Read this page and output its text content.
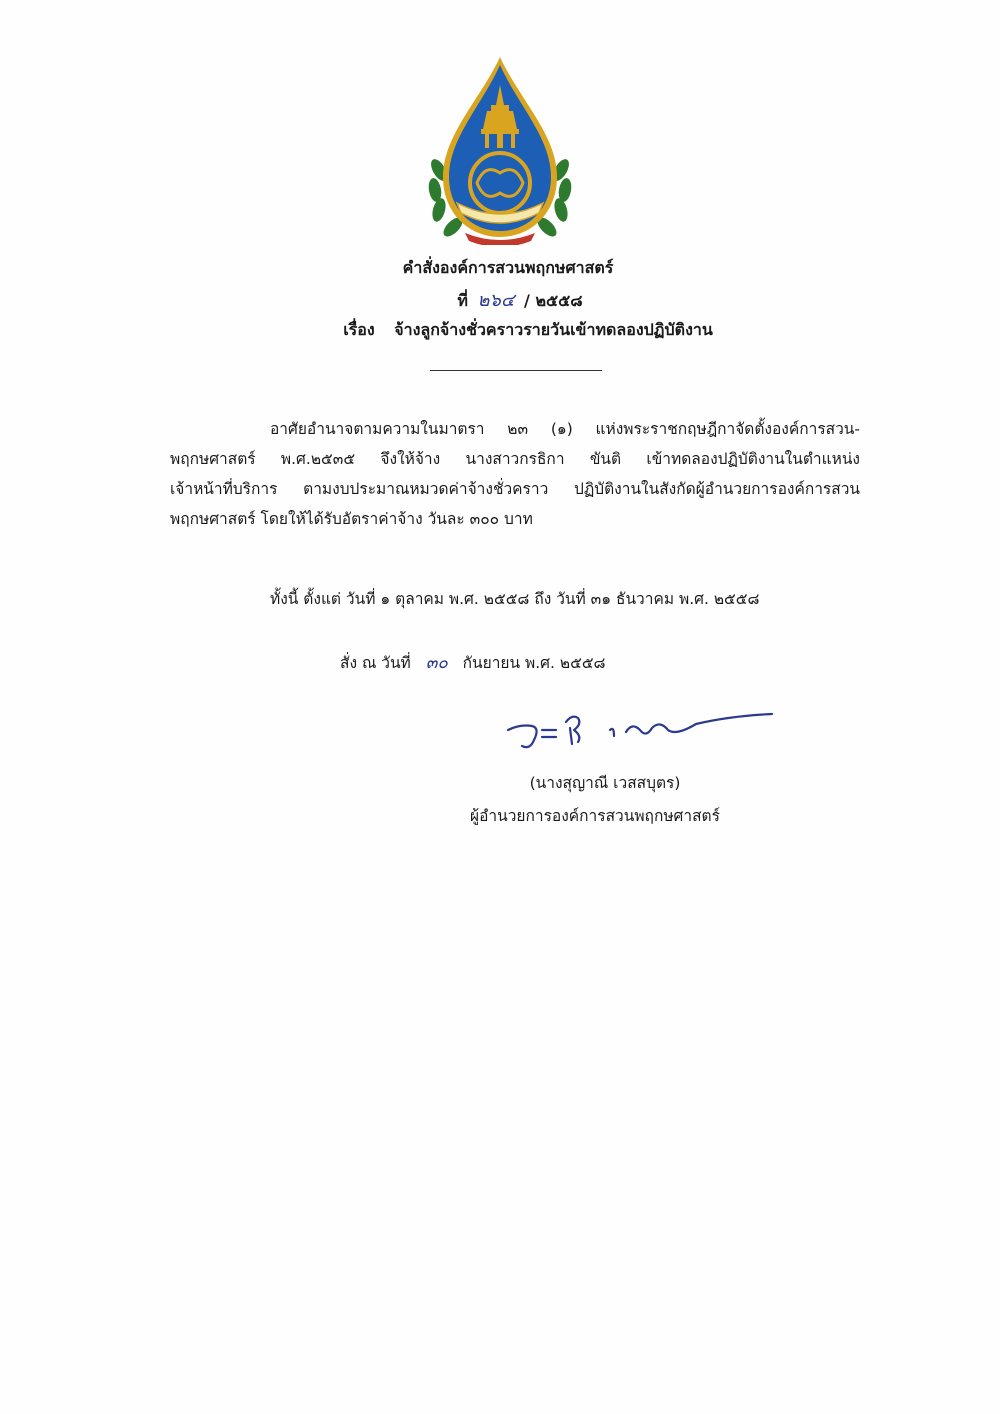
คำสั่งองค์การสวนพฤกษศาสตร์
ที่ ๒๖๔ / ๒๕๕๘
เรื่อง จ้างลูกจ้างชั่วคราวรายวันเข้าทดลองปฏิบัติงาน
อาศัยอำนาจตามความในมาตรา ๒๓ (๑) แห่งพระราชกฤษฎีกาจัดตั้งองค์การสวน-
พฤกษศาสตร์ พ.ศ.๒๕๓๕ จึงให้จ้าง นางสาวกรธิกา ขันติ เข้าทดลองปฏิบัติงานในตำแหน่ง
เจ้าหน้าที่บริการ ตามงบประมาณหมวดค่าจ้างชั่วคราว ปฏิบัติงานในสังกัดผู้อำนวยการองค์การสวน
พฤกษศาสตร์ โดยให้ได้รับอัตราค่าจ้าง วันละ ๓๐๐ บาท
ทั้งนี้ ตั้งแต่ วันที่ ๑ ตุลาคม พ.ศ. ๒๕๕๘ ถึง วันที่ ๓๑ ธันวาคม พ.ศ. ๒๕๕๘
สั่ง ณ วันที่ ๓๐ กันยายน พ.ศ. ๒๕๕๘
(นางสุญาณี เวสสบุตร)
ผู้อำนวยการองค์การสวนพฤกษศาสตร์
